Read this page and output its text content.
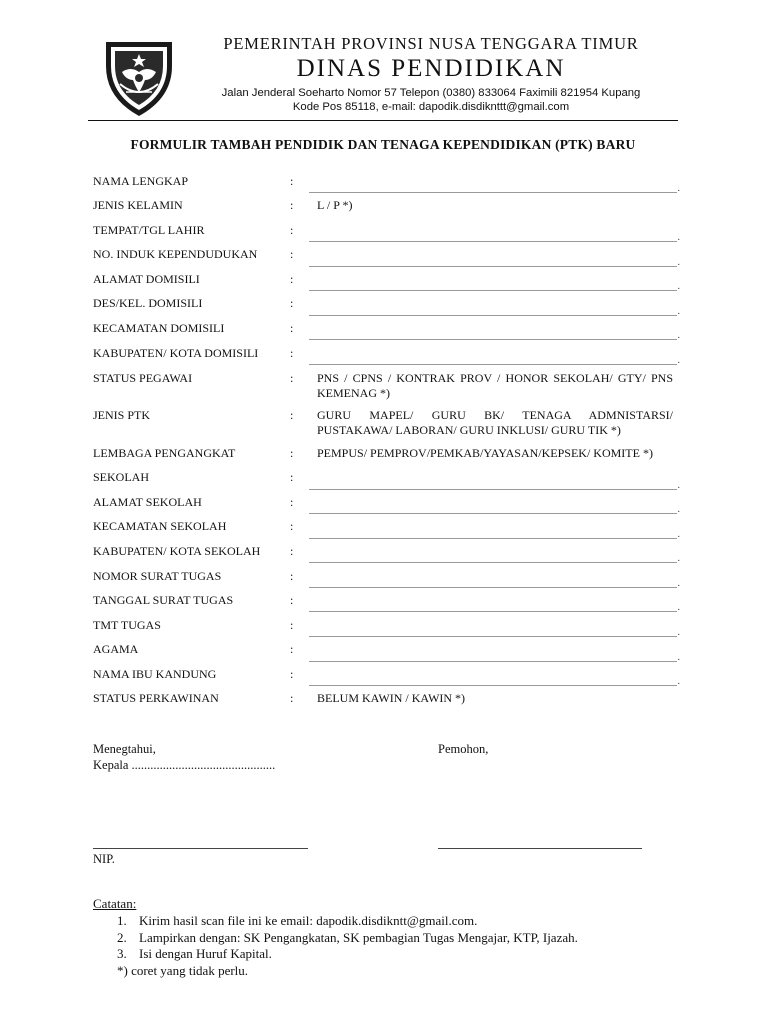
PEMERINTAH PROVINSI NUSA TENGGARA TIMUR
DINAS PENDIDIKAN
Jalan Jenderal Soeharto Nomor 57 Telepon (0380) 833064 Faximili 821954 Kupang
Kode Pos 85118, e-mail: dapodik.disdiknttt@gmail.com
FORMULIR TAMBAH PENDIDIK DAN TENAGA KEPENDIDIKAN (PTK) BARU
NAMA LENGKAP	:
.
JENIS KELAMIN	: L / P *)
TEMPAT/TGL LAHIR	:
.
NO. INDUK KEPENDUDUKAN	:
.
ALAMAT DOMISILI	:
.
DES/KEL. DOMISILI	:
.
KECAMATAN DOMISILI	:
.
KABUPATEN/ KOTA DOMISILI	:
.
STATUS PEGAWAI	: PNS / CPNS / KONTRAK PROV / HONOR SEKOLAH/ GTY/ PNS KEMENAG *)
JENIS PTK	: GURU MAPEL/ GURU BK/ TENAGA ADMNISTARSI/ PUSTAKAWA/ LABORAN/ GURU INKLUSI/ GURU TIK *)
LEMBAGA PENGANGKAT	: PEMPUS/ PEMPROV/PEMKAB/YAYASAN/KEPSEK/ KOMITE *)
SEKOLAH	:
.
ALAMAT SEKOLAH	:
.
KECAMATAN SEKOLAH	:
.
KABUPATEN/ KOTA SEKOLAH :
.
NOMOR SURAT TUGAS	:
.
TANGGAL SURAT TUGAS	:
.
TMT TUGAS	:
.
AGAMA	:
.
NAMA IBU KANDUNG	:
.
STATUS PERKAWINAN	: BELUM KAWIN / KAWIN *)
Menegtahui,
Kepala ..............................................
Pemohon,
NIP.
Catatan:
1. Kirim hasil scan file ini ke email: dapodik.disdikntt@gmail.com.
2. Lampirkan dengan: SK Pengangkatan, SK pembagian Tugas Mengajar, KTP, Ijazah.
3. Isi dengan Huruf Kapital.
*) coret yang tidak perlu.
